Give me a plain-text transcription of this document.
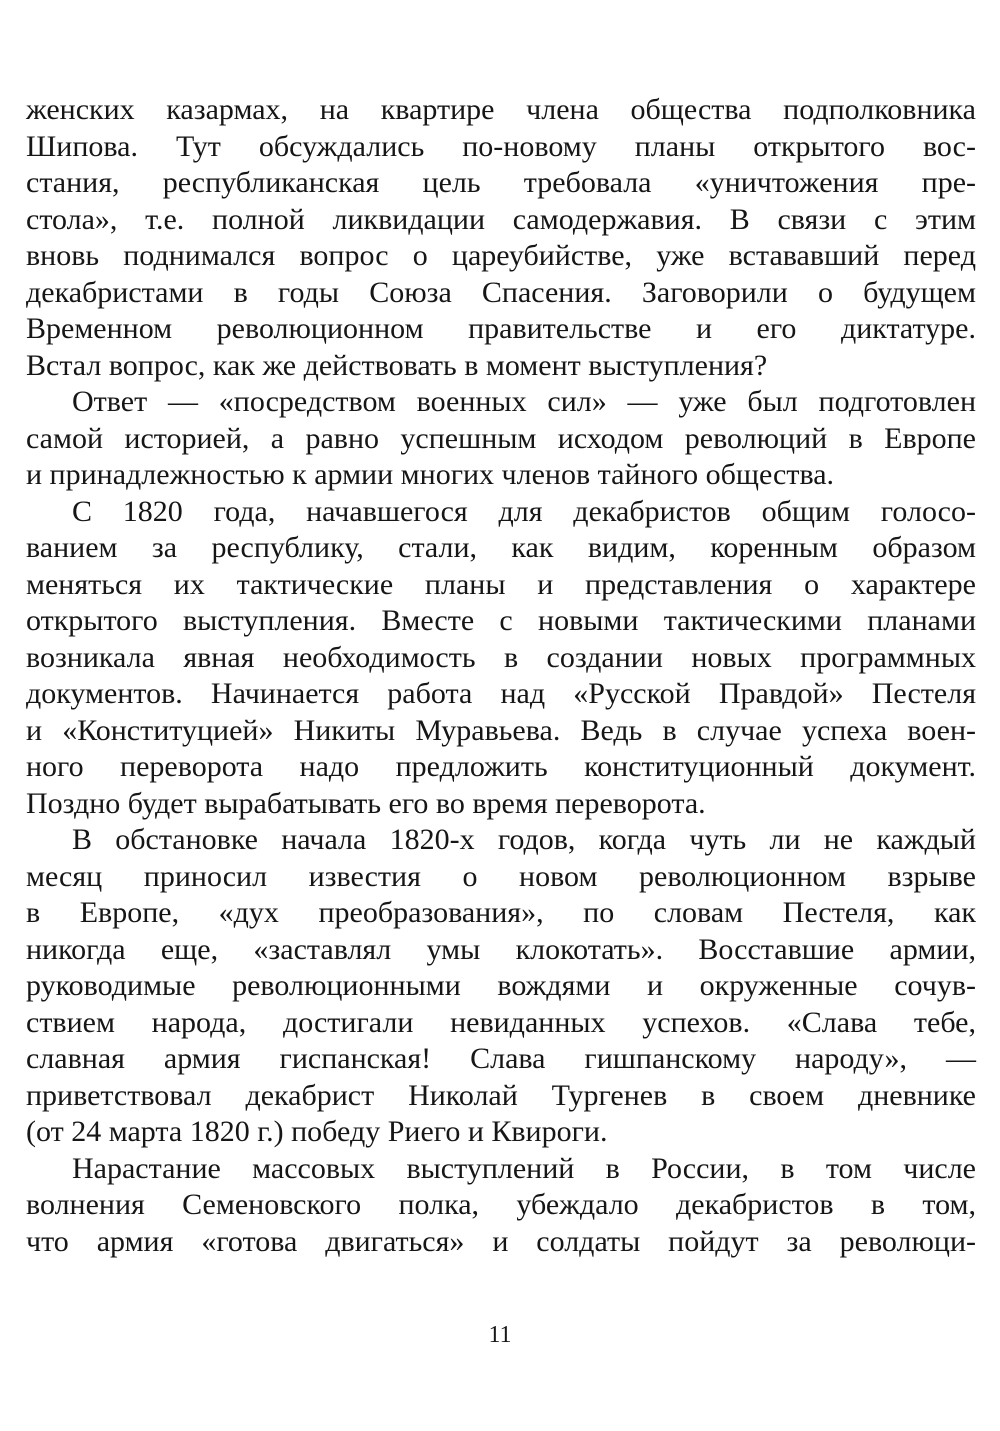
женских казармах, на квартире члена общества подполковника
Шипова. Тут обсуждались по-новому планы открытого вос-
стания, республиканская цель требовала «уничтожения пре-
стола», т.е. полной ликвидации самодержавия. В связи с этим
вновь поднимался вопрос о цареубийстве, уже встававший перед
декабристами в годы Союза Спасения. Заговорили о будущем
Временном революционном правительстве и его диктатуре.
Встал вопрос, как же действовать в момент выступления?
Ответ — «посредством военных сил» — уже был подготовлен
самой историей, а равно успешным исходом революций в Европе
и принадлежностью к армии многих членов тайного общества.
С 1820 года, начавшегося для декабристов общим голосо-
ванием за республику, стали, как видим, коренным образом
меняться их тактические планы и представления о характере
открытого выступления. Вместе с новыми тактическими планами
возникала явная необходимость в создании новых программных
документов. Начинается работа над «Русской Правдой» Пестеля
и «Конституцией» Никиты Муравьева. Ведь в случае успеха воен-
ного переворота надо предложить конституционный документ.
Поздно будет вырабатывать его во время переворота.
В обстановке начала 1820-х годов, когда чуть ли не каждый
месяц приносил известия о новом революционном взрыве
в Европе, «дух преобразования», по словам Пестеля, как
никогда еще, «заставлял умы клокотать». Восставшие армии,
руководимые революционными вождями и окруженные сочув-
ствием народа, достигали невиданных успехов. «Слава тебе,
славная армия гиспанская! Слава гишпанскому народу», —
приветствовал декабрист Николай Тургенев в своем дневнике
(от 24 марта 1820 г.) победу Риего и Квироги.
Нарастание массовых выступлений в России, в том числе
волнения Семеновского полка, убеждало декабристов в том,
что армия «готова двигаться» и солдаты пойдут за революци-
11
